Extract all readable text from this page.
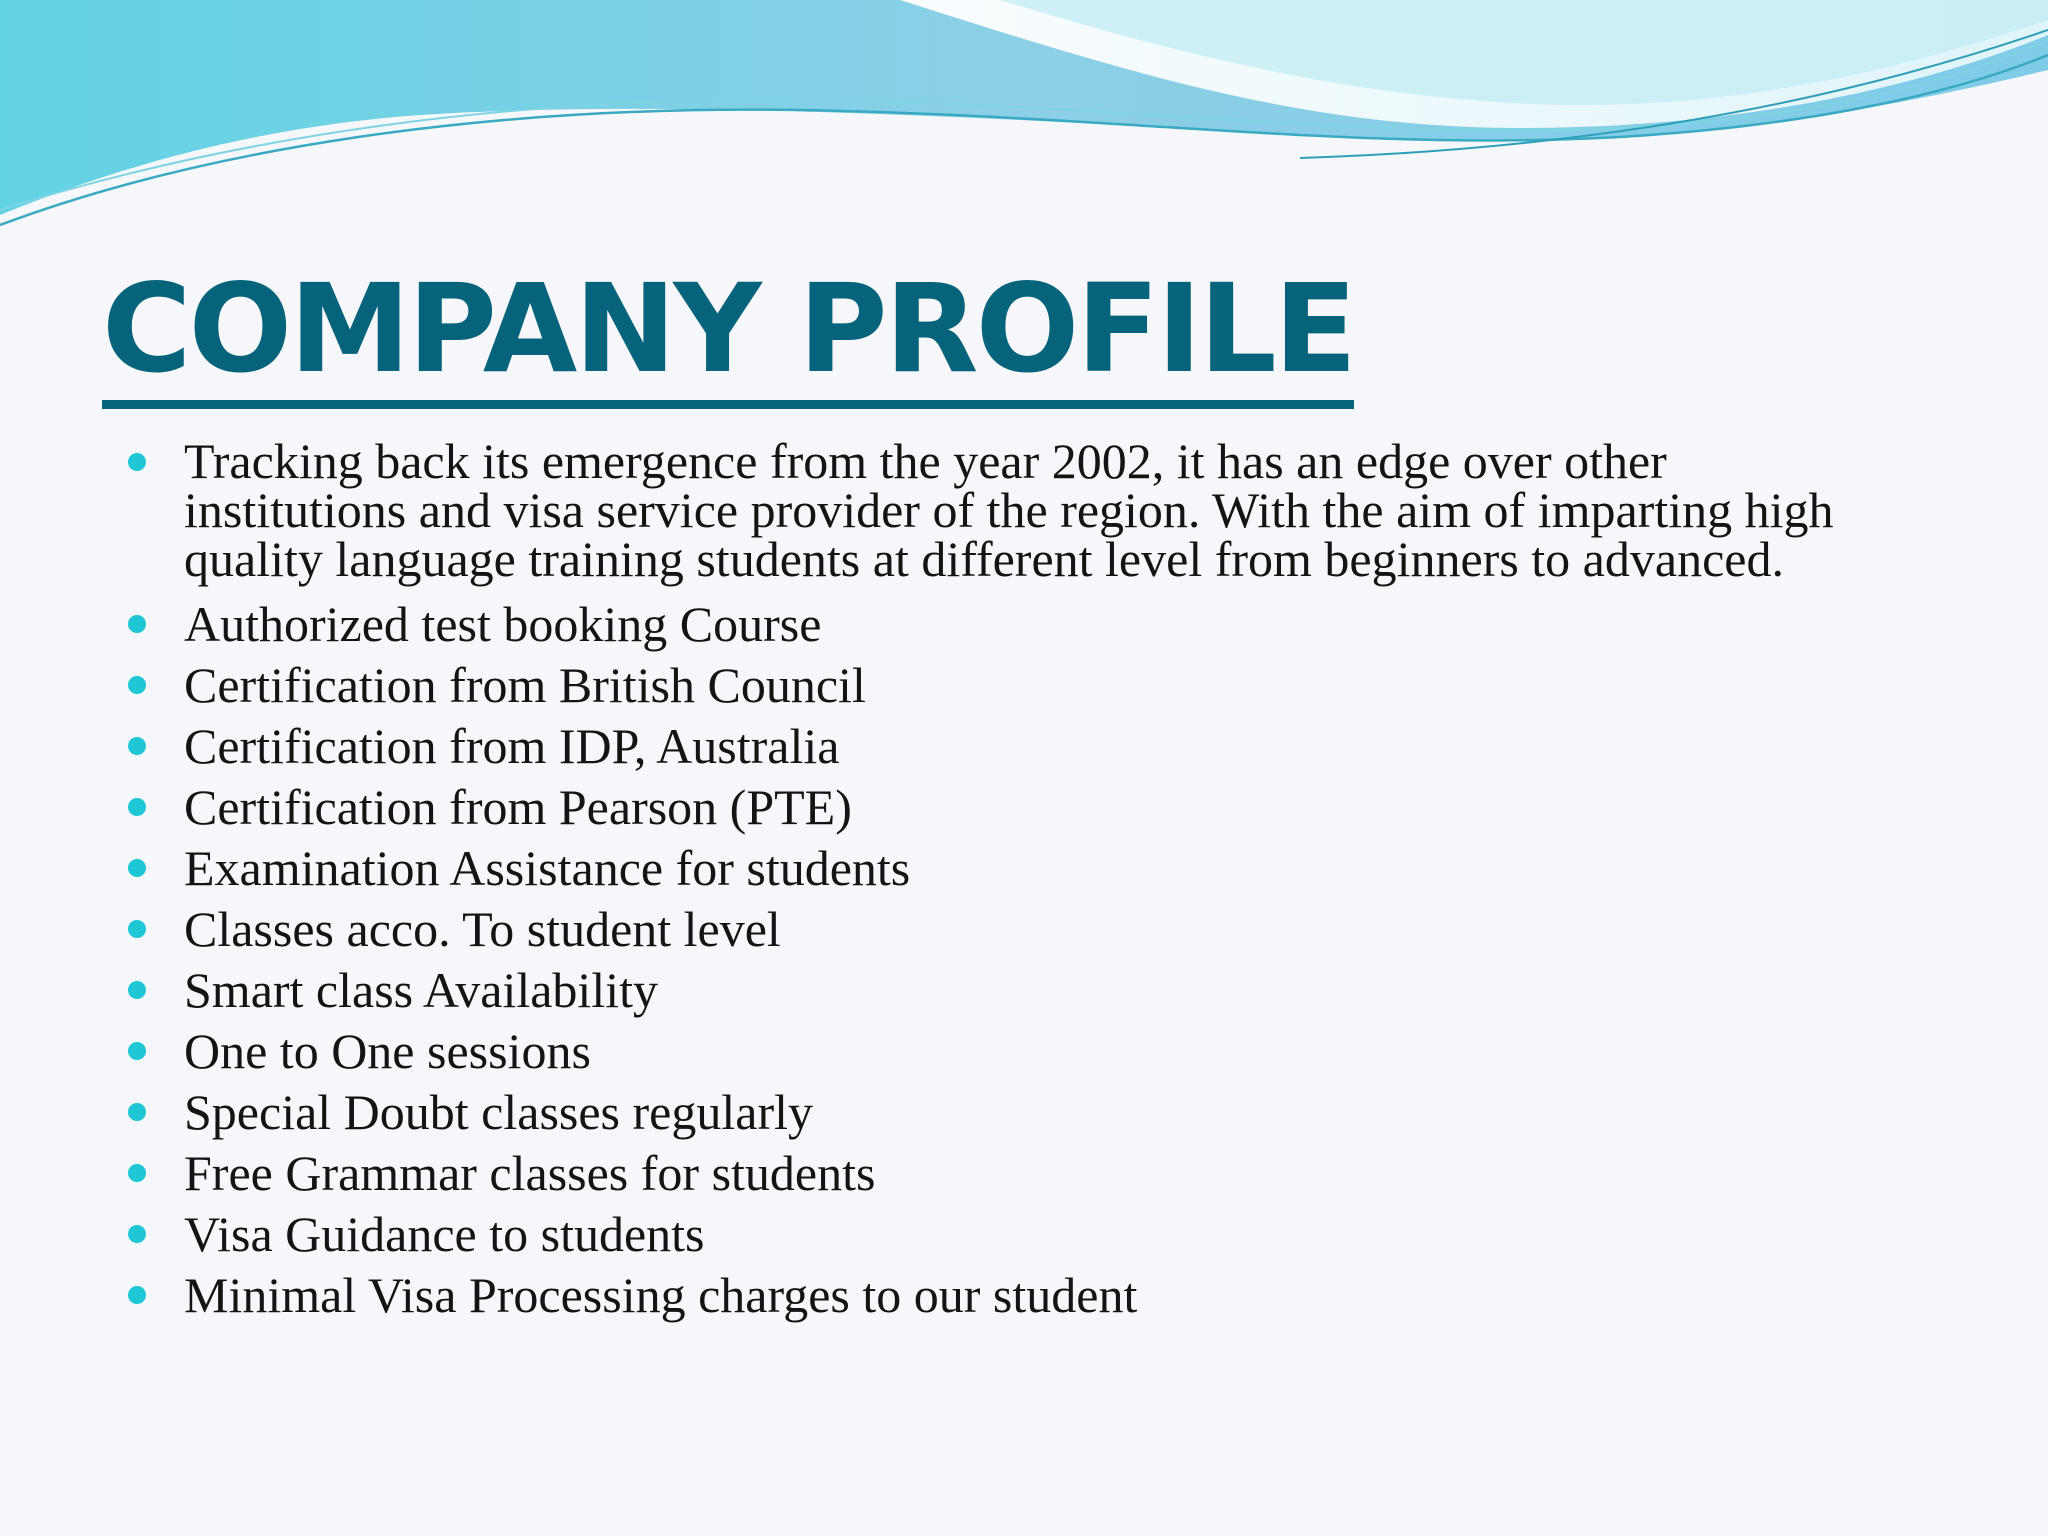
COMPANY PROFILE
Tracking back its emergence from the year 2002, it has an edge over other institutions and visa service provider of the region. With the aim of imparting high quality language training students at different level from beginners to advanced.
Authorized test booking Course
Certification from British Council
Certification from IDP, Australia
Certification from Pearson (PTE)
Examination Assistance for students
Classes acco. To student level
Smart class Availability
One to One sessions
Special Doubt classes regularly
Free Grammar classes for students
Visa Guidance to students
Minimal Visa Processing charges to our student
